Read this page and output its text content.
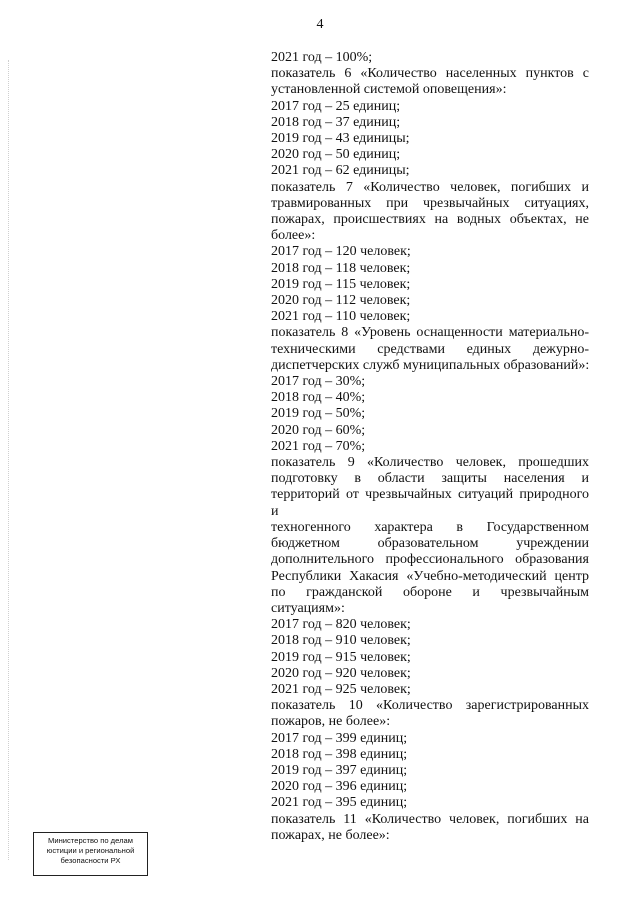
4
2021 год – 100%;
показатель 6 «Количество населенных пунктов с
установленной системой оповещения»:
2017 год – 25 единиц;
2018 год – 37 единиц;
2019 год – 43 единицы;
2020 год – 50 единиц;
2021 год – 62 единицы;
показатель 7 «Количество человек, погибших и
травмированных при чрезвычайных ситуациях,
пожарах, происшествиях на водных объектах, не
более»:
2017 год – 120 человек;
2018 год – 118 человек;
2019 год – 115 человек;
2020 год – 112 человек;
2021 год – 110 человек;
показатель 8 «Уровень оснащенности материально-
техническими средствами единых дежурно-
диспетчерских служб муниципальных образований»:
2017 год – 30%;
2018 год – 40%;
2019 год – 50%;
2020 год – 60%;
2021 год – 70%;
показатель 9 «Количество человек, прошедших
подготовку в области защиты населения и
территорий от чрезвычайных ситуаций природного и
техногенного характера в Государственном
бюджетном образовательном учреждении
дополнительного профессионального образования
Республики Хакасия «Учебно-методический центр
по гражданской обороне и чрезвычайным
ситуациям»:
2017 год – 820 человек;
2018 год – 910 человек;
2019 год – 915 человек;
2020 год – 920 человек;
2021 год – 925 человек;
показатель 10 «Количество зарегистрированных
пожаров, не более»:
2017 год – 399 единиц;
2018 год – 398 единиц;
2019 год – 397 единиц;
2020 год – 396 единиц;
2021 год – 395 единиц;
показатель 11 «Количество человек, погибших на
пожарах, не более»:
Министерство по делам
юстиции и региональной
безопасности РХ
